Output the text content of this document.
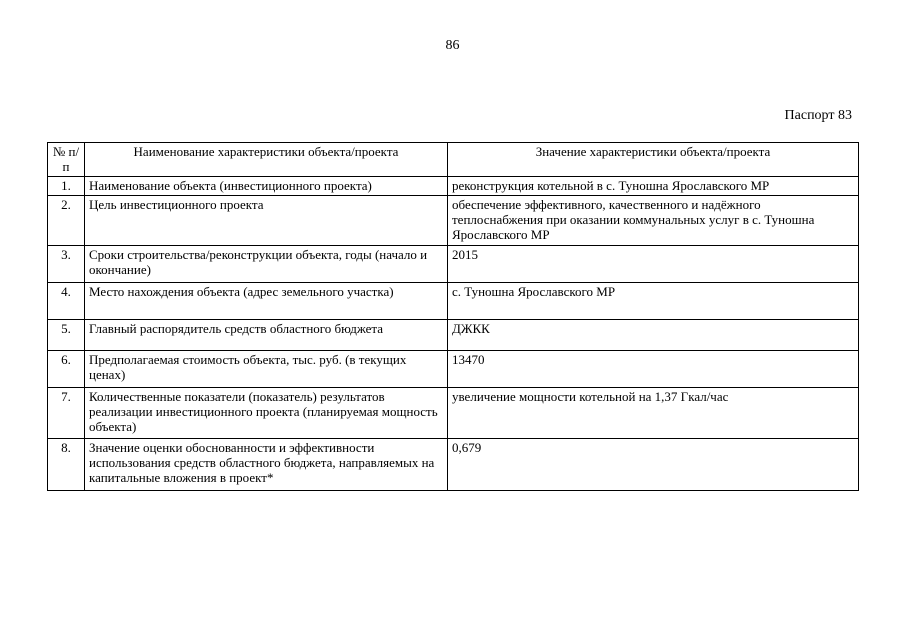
86
Паспорт 83
№ п/п	Наименование характеристики объекта/проекта	Значение характеристики объекта/проекта
1.	Наименование объекта (инвестиционного проекта)	реконструкция котельной в с. Туношна Ярославского МР
2.	Цель инвестиционного проекта	обеспечение эффективного, качественного и надёжного теплоснабжения при оказании коммунальных услуг в с. Туношна Ярославского МР
3.	Сроки строительства/реконструкции объекта, годы (начало и окончание)	2015
4.	Место нахождения объекта (адрес земельного участка)	с. Туношна Ярославского МР
5.	Главный распорядитель средств областного бюджета	ДЖКК
6.	Предполагаемая стоимость объекта, тыс. руб. (в текущих ценах)	13470
7.	Количественные показатели (показатель) результатов реализации инвестиционного проекта (планируемая мощность объекта)	увеличение мощности котельной на 1,37 Гкал/час
8.	Значение оценки обоснованности и эффективности использования средств областного бюджета, направляемых на капитальные вложения в проект*	0,679
